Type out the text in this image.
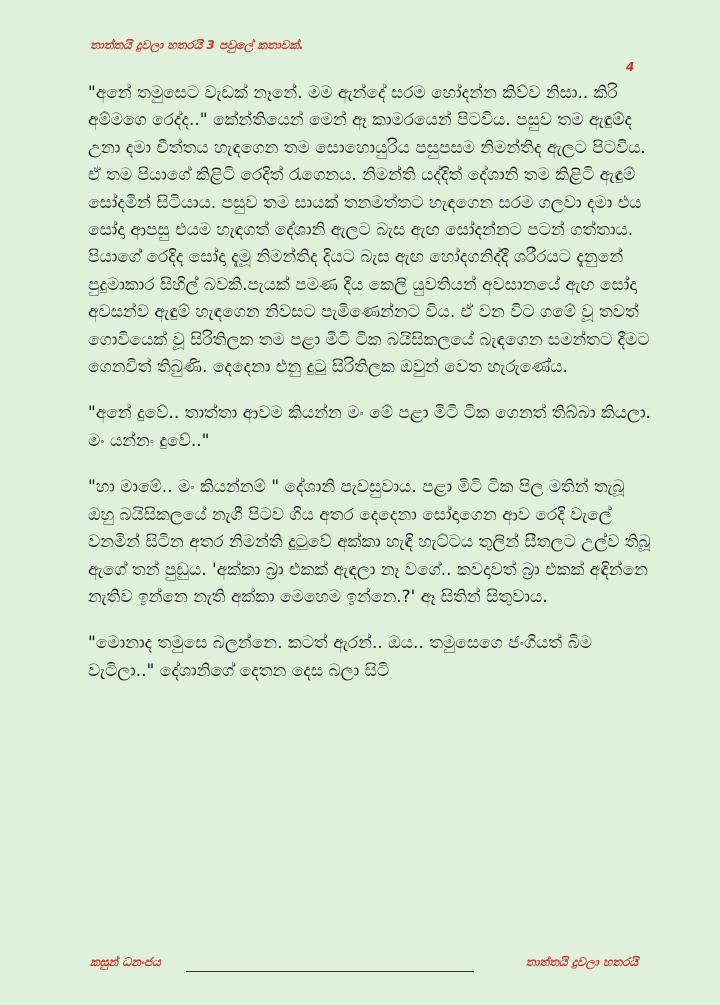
තාත්තයි දුවලා හතරයි 3 පවුලේ කතාවක්.
4

"අනේ තමුසෙට වැඩක් නෑනේ. මම ඇන්දේ සරම හෝදන්න කිව්ව නිසා.. කිරි අම්මගෙ රෙද්ද.." කේන්තියෙන් මෙන් ඈ කාමරයෙන් පිටවිය. පසුව තම ඇඳුම්ද උනා දමා චීත්තය හැඳගෙන තම සොහොයුරිය පසුපසම නිමන්තිද ඇලට පිටවිය. ඒ තම පියාගේ කිළිටි රෙදිත් රැගෙනය. නිමන්ති යද්දිත් දේශානි තම කිළිටි ඇඳුම් සෝදමින් සිටියාය. පසුව තම සායක් තනමත්තට හැඳගෙන සරම ගලවා දමා එය සෝදා ආපසු එයම හැඳගත් දේශානි ඇලට බැස ඇඟ සෝදන්නට පටන් ගත්තාය. පියාගේ රෙදිද සෝදා දැමූ නිමන්තිද දියට බැස ඇඟ හෝදගනිද්දී ශරීරයට දැනුනේ පුදුමාකාර සිහිල් බවකි.පැයක් පමණ දිය කෙලි යුවතියන් අවසානයේ ඇඟ සෝදා අවසන්ව ඇඳුම් හැඳගෙන නිවසට පැමිණෙන්නට විය. ඒ වන විට ගමේ වූ තවත් ගොවියෙක් වූ සිරිතිලක තම පළා මිටි ටික බයිසිකලයේ බැඳගෙන සමන්තට දීමට ගෙනවිත් තිබුණි. දෙදෙනා එනු දුටු සිරිතිලක ඔවුන් වෙත හැරුණේය.

"අනේ දුවේ.. තාත්තා ආවම කියන්න මං මේ පළා මිටි ටික ගෙනත් තිබ්බා කියලා. මං යන්නං දුවේ.."

"හා මාමේ.. මං කියන්නම් " දේශානි පැවසුවාය. පළා මිටි ටික පිල මතින් තැබූ ඔහු බයිසිකලයේ නැගී පිටව ගිය අතර දෙදෙනා සෝදාගෙන ආව රෙදි වැලේ වනමින් සිටින අතර නිමන්ති දුටුවේ අක්කා හැඳි හැට්ටය තුලින් සීතලට උල්ව තිබූ ඇගේ තන් පුඩුය. 'අක්කා බ්‍රා එකක් ඇඳලා නෑ වගේ.. කවදාවත් බ්‍රා එකක් අඳින්නෙ නැතිව ඉන්නෙ නැති අක්කා මෙහෙම ඉන්නෙ.?' ඈ සිතින් සිතුවාය.

"මොනාද තමුසෙ බලන්නෙ. කටත් ඇරන්.. ඔය.. තමුසෙගෙ ජංගියත් බිම වැටිලා.." දේශානිගේ දෙතන දෙස බලා සිටි

කසුන් ධනංජය	තාත්තයි දුවලා හතරයි
